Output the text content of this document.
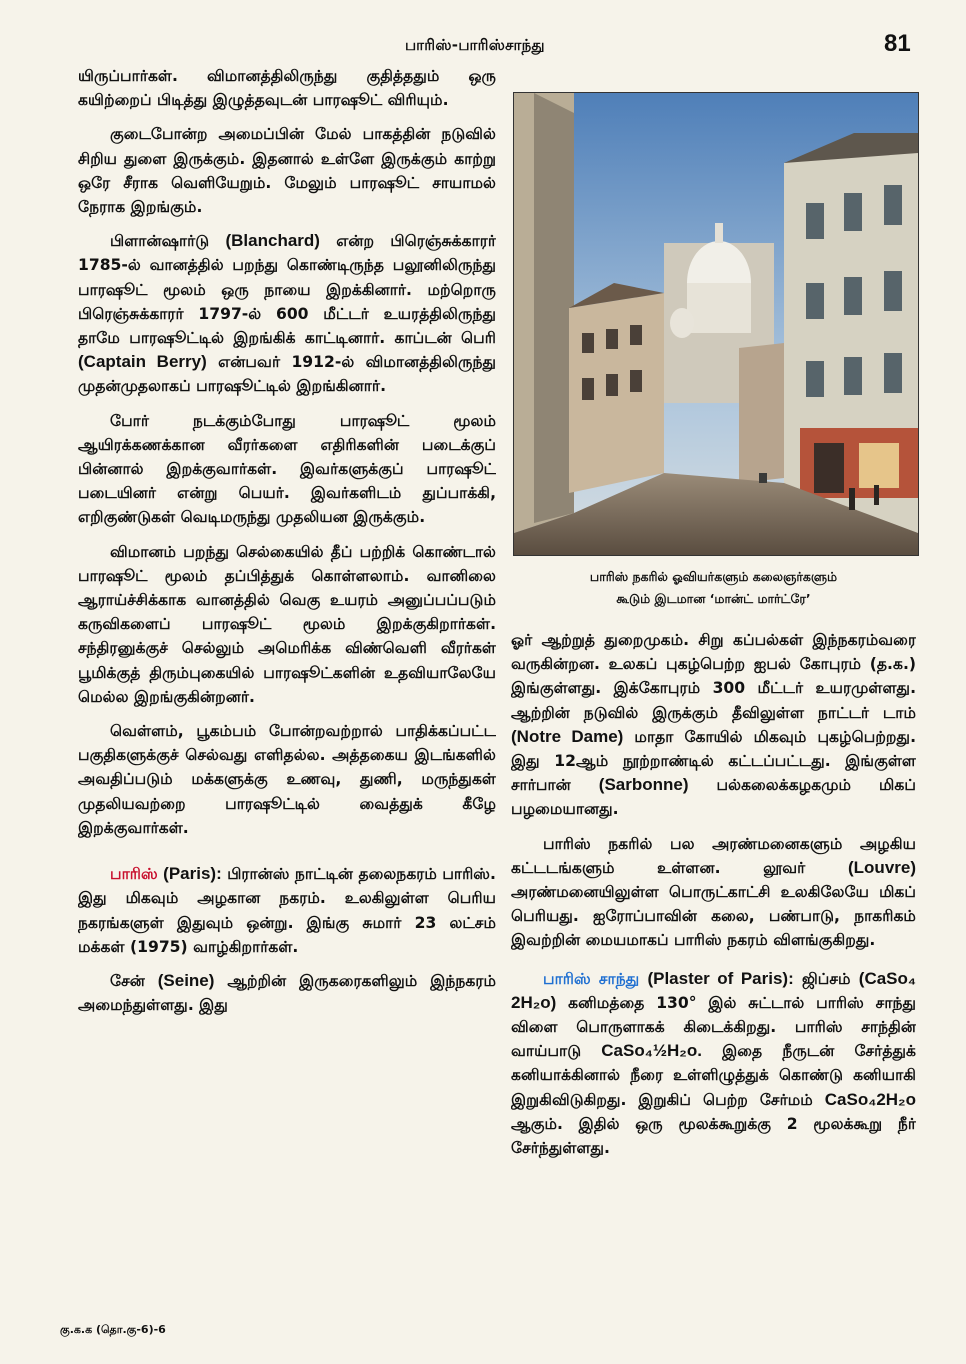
பாரிஸ்-பாரிஸ்சாந்து	81

யிருப்பார்கள். விமானத்திலிருந்து குதித்ததும் ஒரு கயிற்றைப் பிடித்து இழுத்தவுடன் பாரஷூட் விரியும்.

குடைபோன்ற அமைப்பின் மேல் பாகத்தின் நடுவில் சிறிய துளை இருக்கும். இதனால் உள்ளே இருக்கும் காற்று ஒரே சீராக வெளியேறும். மேலும் பாரஷூட் சாயாமல் நேராக இறங்கும்.

பிளான்ஷார்டு (Blanchard) என்ற பிரெஞ்சுக்காரர் 1785-ல் வானத்தில் பறந்து கொண்டிருந்த பலூனிலிருந்து பாரஷூட் மூலம் ஒரு நாயை இறக்கினார். மற்றொரு பிரெஞ்சுக்காரர் 1797-ல் 600 மீட்டர் உயரத்திலிருந்து தாமே பாரஷூட்டில் இறங்கிக் காட்டினார். காப்டன் பெரி (Captain Berry) என்பவர் 1912-ல் விமானத்திலிருந்து முதன்முதலாகப் பாரஷூட்டில் இறங்கினார்.

போர் நடக்கும்போது பாரஷூட் மூலம் ஆயிரக்கணக்கான வீரர்களை எதிரிகளின் படைக்குப் பின்னால் இறக்குவார்கள். இவர்களுக்குப் பாரஷூட் படையினர் என்று பெயர். இவர்களிடம் துப்பாக்கி, எறிகுண்டுகள் வெடிமருந்து முதலியன இருக்கும்.

விமானம் பறந்து செல்கையில் தீப் பற்றிக் கொண்டால் பாரஷூட் மூலம் தப்பித்துக் கொள்ளலாம். வானிலை ஆராய்ச்சிக்காக வானத்தில் வெகு உயரம் அனுப்பப்படும் கருவிகளைப் பாரஷூட் மூலம் இறக்குகிறார்கள். சந்திரனுக்குச் செல்லும் அமெரிக்க விண்வெளி வீரர்கள் பூமிக்குத் திரும்புகையில் பாரஷூட்களின் உதவியாலேயே மெல்ல இறங்குகின்றனர்.

வெள்ளம், பூகம்பம் போன்றவற்றால் பாதிக்கப்பட்ட பகுதிகளுக்குச் செல்வது எளிதல்ல. அத்தகைய இடங்களில் அவதிப்படும் மக்களுக்கு உணவு, துணி, மருந்துகள் முதலியவற்றை பாரஷூட்டில் வைத்துக் கீழே இறக்குவார்கள்.

பாரிஸ் (Paris): பிரான்ஸ் நாட்டின் தலைநகரம் பாரிஸ். இது மிகவும் அழகான நகரம். உலகிலுள்ள பெரிய நகரங்களுள் இதுவும் ஒன்று. இங்கு சுமார் 23 லட்சம் மக்கள் (1975) வாழ்கிறார்கள்.

சேன் (Seine) ஆற்றின் இருகரைகளிலும் இந்நகரம் அமைந்துள்ளது. இது

பாரிஸ் நகரில் ஓவியர்களும் கலைஞர்களும்
கூடும் இடமான ‘மான்ட் மார்ட்ரே’

ஓர் ஆற்றுத் துறைமுகம். சிறு கப்பல்கள் இந்நகரம்வரை வருகின்றன. உலகப் புகழ்பெற்ற ஐபல் கோபுரம் (த.க.) இங்குள்ளது. இக்கோபுரம் 300 மீட்டர் உயரமுள்ளது. ஆற்றின் நடுவில் இருக்கும் தீவிலுள்ள நாட்டர் டாம் (Notre Dame) மாதா கோயில் மிகவும் புகழ்பெற்றது. இது 12ஆம் நூற்றாண்டில் கட்டப்பட்டது. இங்குள்ள சார்பான் (Sarbonne) பல்கலைக்கழகமும் மிகப் பழமையானது.

பாரிஸ் நகரில் பல அரண்மனைகளும் அழகிய கட்டடங்களும் உள்ளன. லூவர்	(Louvre) அரண்மனையிலுள்ள பொருட்காட்சி உலகிலேயே மிகப் பெரியது. ஐரோப்பாவின் கலை, பண்பாடு, நாகரிகம் இவற்றின் மையமாகப் பாரிஸ் நகரம் விளங்குகிறது.

பாரிஸ் சாந்து (Plaster of Paris): ஜிப்சம் (CaSo₄ 2H₂o) கனிமத்தை 130° இல் சுட்டால் பாரிஸ் சாந்து விளை பொருளாகக் கிடைக்கிறது. பாரிஸ் சாந்தின் வாய்பாடு CaSo₄½H₂o. இதை நீருடன் சேர்த்துக் கனியாக்கினால் நீரை உள்ளிழுத்துக் கொண்டு கனியாகி இறுகிவிடுகிறது. இறுகிப் பெற்ற சேர்மம் CaSo₄2H₂o ஆகும். இதில் ஒரு மூலக்கூறுக்கு 2 மூலக்கூறு நீர் சேர்ந்துள்ளது.

கு.க.க (தொ.கு-6)-6
